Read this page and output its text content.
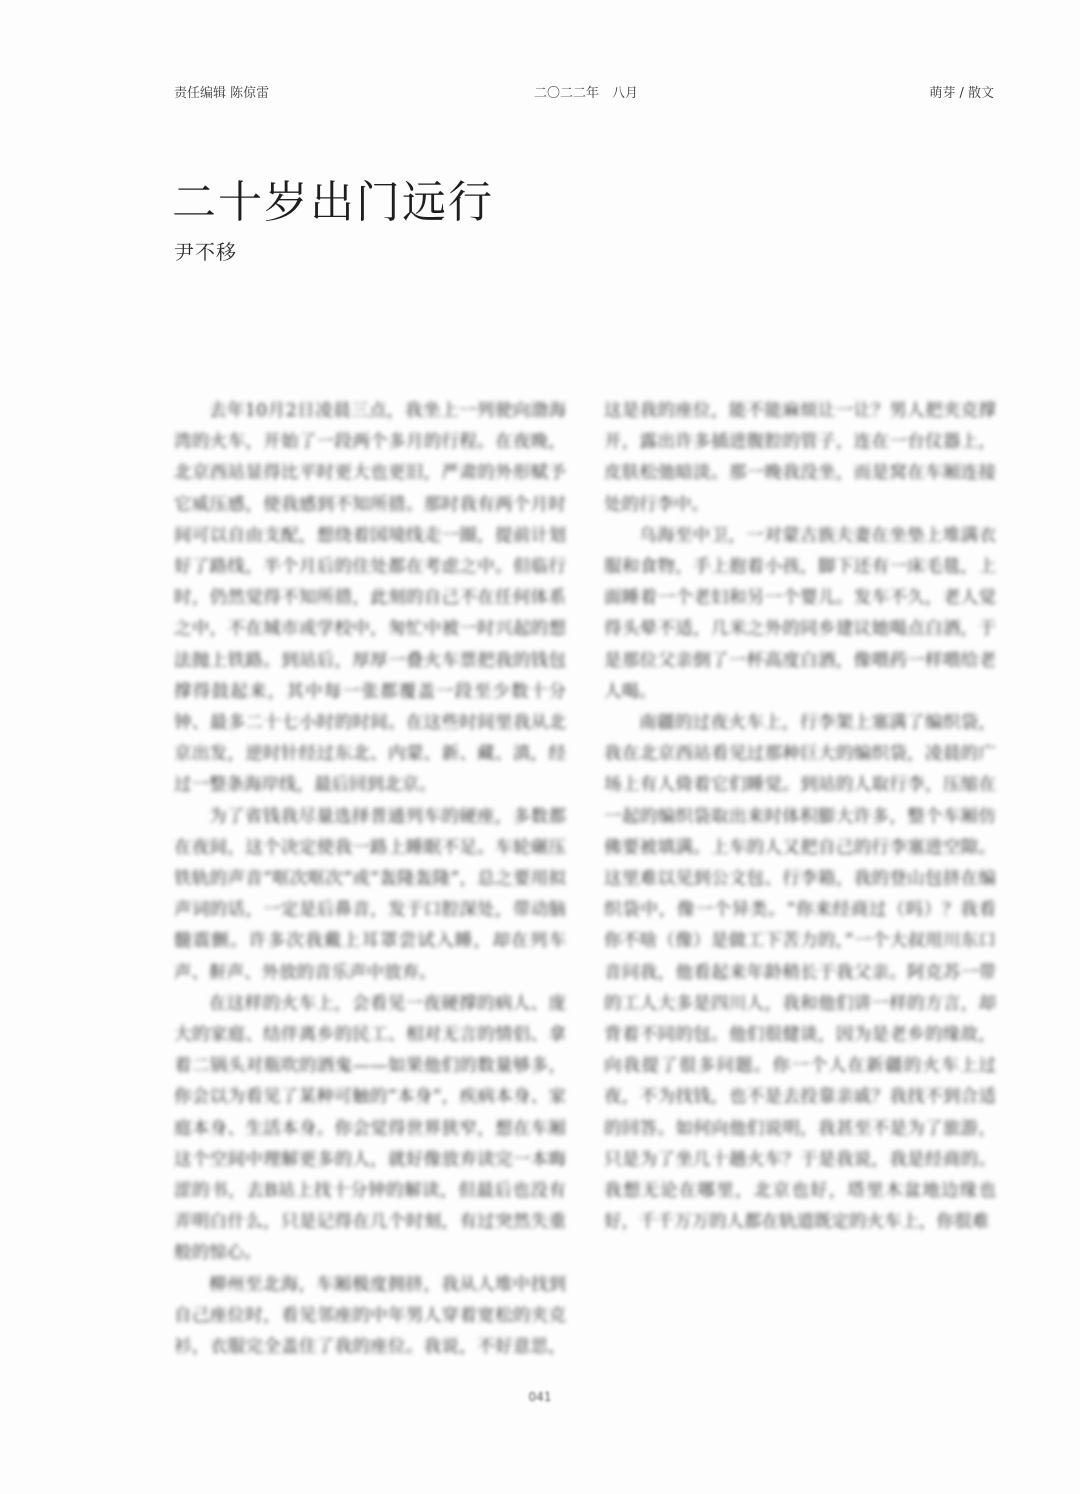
责任编辑 陈倞雷	二〇二二年　八月	萌芽 / 散文
二十岁出门远行
尹不移

去年10月2日凌晨三点，我坐上一列驶向渤海湾的火车，开始了一段两个多月的行程。在夜晚，北京西站显得比平时更大也更旧，严肃的外形赋予它威压感，使我感到不知所措。那时我有两个月时间可以自由支配，想绕着国境线走一圈，提前计划好了路线，半个月后的住处都在考虑之中。但临行时，仍然觉得不知所措，此刻的自己不在任何体系之中，不在城市或学校中，匆忙中被一时兴起的想法抛上铁路。到站后，厚厚一叠火车票把我的钱包撑得鼓起来，其中每一张都覆盖一段至少数十分钟、最多二十七小时的时间。在这些时间里我从北京出发，逆时针经过东北、内蒙、新、藏、滇，经过一整条海岸线，最后回到北京。

为了省钱我尽量选择普通列车的硬座，多数都在夜间，这个决定使我一路上睡眠不足。车轮碾压铁轨的声音“哐次哐次”或“轰隆轰隆”，总之要用拟声词的话，一定是后鼻音，发于口腔深处，带动脑髓震颤。许多次我戴上耳罩尝试入睡，却在列车声、鼾声、外放的音乐声中放弃。

在这样的火车上，会看见一夜硬撑的病人、庞大的家庭、结伴离乡的民工、相对无言的情侣、拿着二锅头对瓶吹的酒鬼——如果他们的数量够多，你会以为看见了某种可触的“本身”，疾病本身、家庭本身、生活本身。你会觉得世界狭窄，想在车厢这个空间中理解更多的人，就好像放弃读完一本晦涩的书，去B站上找十分钟的解读，但最后也没有弄明白什么，只是记得在几个时刻，有过突然失重般的惊心。

柳州至北海，车厢极度拥挤，我从人堆中找到自己座位时，看见邻座的中年男人穿着宽松的夹克衫，衣服完全盖住了我的座位。我说，不好意思，这是我的座位，能不能麻烦让一让？男人把夹克撑开，露出许多插进腹腔的管子，连在一台仪器上，皮肤松弛暗淡。那一晚我没坐，而是窝在车厢连接处的行李中。

乌海至中卫，一对蒙古族夫妻在坐垫上堆满衣服和食物，手上抱着小孩，脚下还有一床毛毯，上面睡着一个老妇和另一个婴儿。发车不久，老人觉得头晕不适，几米之外的同乡建议她喝点白酒，于是那位父亲倒了一杯高度白酒，像喂药一样喂给老人喝。

南疆的过夜火车上，行李架上塞满了编织袋，我在北京西站看见过那种巨大的编织袋，凌晨的广场上有人倚着它们睡觉。到站的人取行李，压缩在一起的编织袋取出来时体积膨大许多，整个车厢仿佛要被填满。上车的人又把自己的行李塞进空隙。这里难以见到公文包、行李箱，我的登山包挤在编织袋中，像一个异类。“你来经商过（吗）？我看你不啥（像）是做工下苦力的，”一个大叔用川东口音问我，他看起来年龄稍长于我父亲。阿克苏一带的工人大多是四川人，我和他们讲一样的方言，却背着不同的包。他们很健谈，因为是老乡的缘故，向我提了很多问题。你一个人在新疆的火车上过夜，不为找钱，也不是去投靠亲戚？我找不到合适的回答。如何向他们说明，我甚至不是为了旅游，只是为了坐几十趟火车？于是我说，我是经商的。我想无论在哪里，北京也好，塔里木盆地边缘也好，千千万万的人都在轨道既定的火车上，你很难

041
